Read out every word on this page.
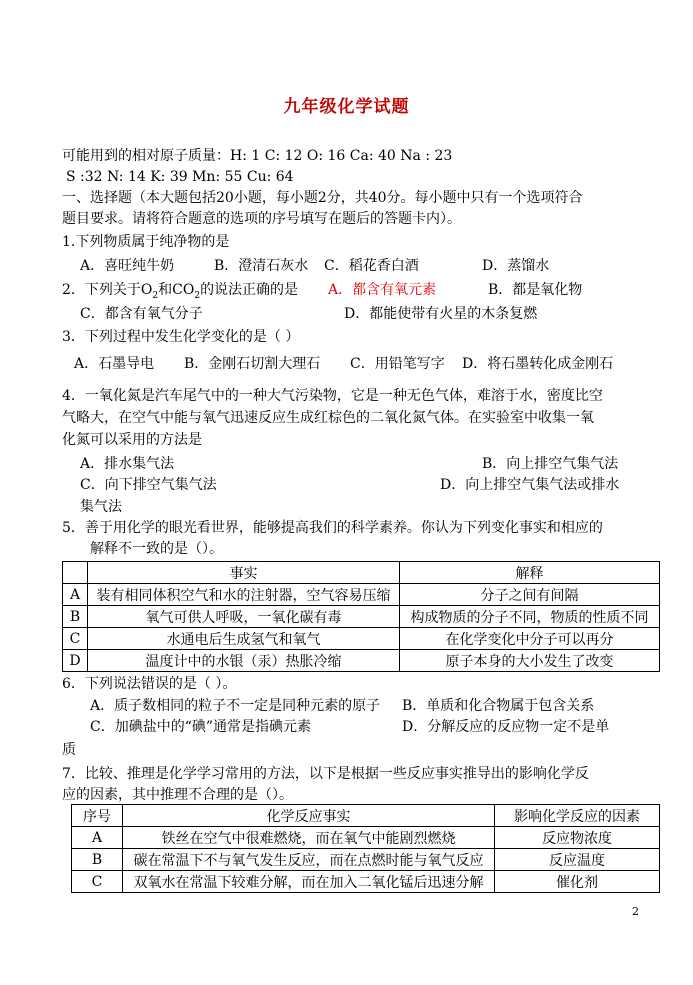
九年级化学试题
可能用到的相对原子质量：H: 1 C: 12 O: 16 Ca: 40 Na : 23
S :32 N: 14 K: 39 Mn: 55 Cu: 64
一、选择题（本大题包括20小题，每小题2分，共40分。每小题中只有一个选项符合
题目要求。请将符合题意的选项的序号填写在题后的答题卡内）。
1.下列物质属于纯净物的是
A．喜旺纯牛奶	B．澄清石灰水 C．稻花香白酒	D．蒸馏水
2．下列关于$O_2$和$CO_2$的说法正确的是 A．都含有氧元素	B．都是氧化物
C．都含有氧气分子	D．都能使带有火星的木条复燃
3．下列过程中发生化学变化的是（ ）
A．石墨导电 B．金刚石切割大理石 C．用铅笔写字 D．将石墨转化成金刚石
4．一氧化氮是汽车尾气中的一种大气污染物，它是一种无色气体，难溶于水，密度比空
气略大，在空气中能与氧气迅速反应生成红棕色的二氧化氮气体。在实验室中收集一氧
化氮可以采用的方法是
A．排水集气法	B．向上排空气集气法
C．向下排空气集气法	D．向上排空气集气法或排水
集气法
5．善于用化学的眼光看世界，能够提高我们的科学素养。你认为下列变化事实和相应的
解释不一致的是（）。
	事实	解释
A	装有相同体积空气和水的注射器，空气容易压缩	分子之间有间隔
B	氧气可供人呼吸，一氧化碳有毒	构成物质的分子不同，物质的性质不同
C	水通电后生成氢气和氧气	在化学变化中分子可以再分
D	温度计中的水银（汞）热胀冷缩	原子本身的大小发生了改变
6．下列说法错误的是（ ）。
A．质子数相同的粒子不一定是同种元素的原子 B．单质和化合物属于包含关系
C．加碘盐中的“碘”通常是指碘元素	D．分解反应的反应物一定不是单
质
7．比较、推理是化学学习常用的方法，以下是根据一些反应事实推导出的影响化学反
应的因素，其中推理不合理的是（）。
序号	化学反应事实	影响化学反应的因素
A	铁丝在空气中很难燃烧，而在氧气中能剧烈燃烧	反应物浓度
B	碳在常温下不与氧气发生反应，而在点燃时能与氧气反应	反应温度
C	双氧水在常温下较难分解，而在加入二氧化锰后迅速分解	催化剂
2
